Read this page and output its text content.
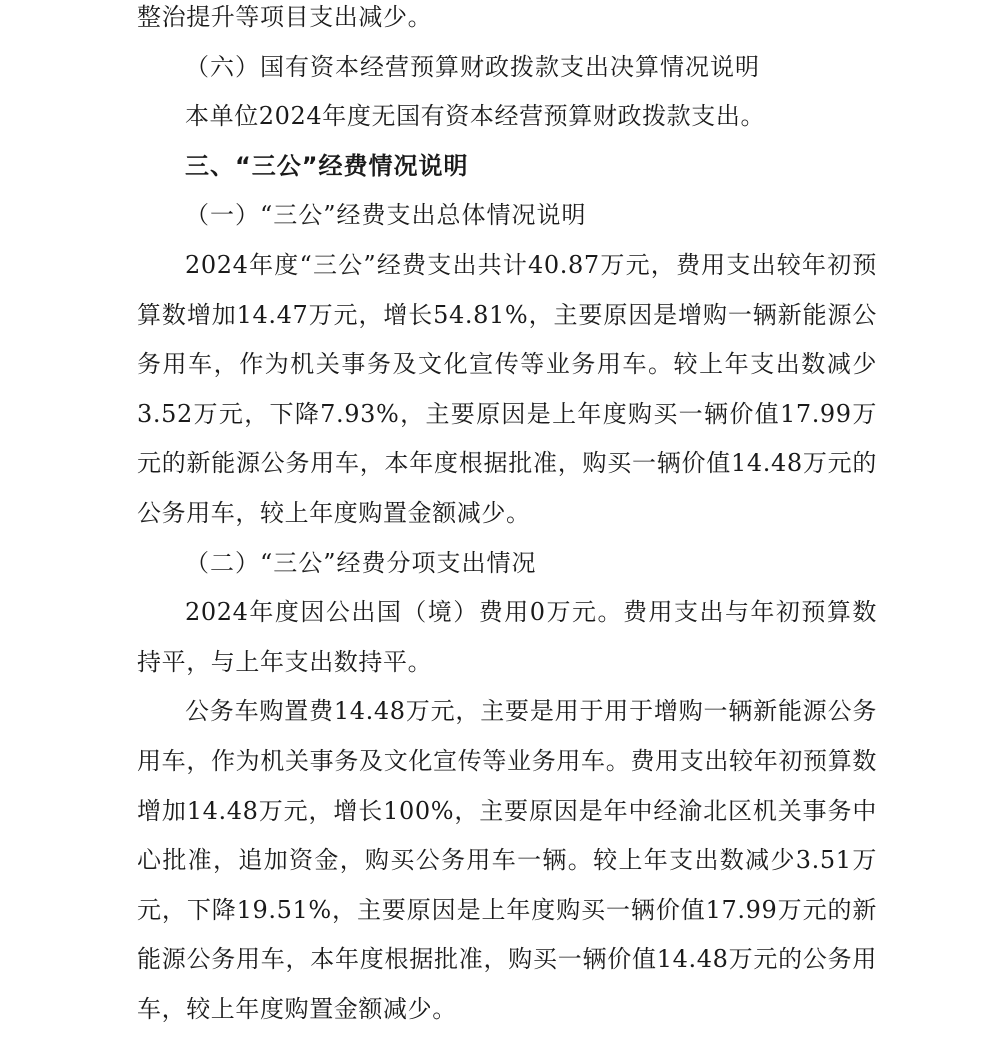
整治提升等项目支出减少。

（六）国有资本经营预算财政拨款支出决算情况说明

本单位2024年度无国有资本经营预算财政拨款支出。

三、“三公”经费情况说明

（一）“三公”经费支出总体情况说明

2024年度“三公”经费支出共计40.87万元，费用支出较年初预算数增加14.47万元，增长54.81%，主要原因是增购一辆新能源公务用车，作为机关事务及文化宣传等业务用车。较上年支出数减少3.52万元，下降7.93%，主要原因是上年度购买一辆价值17.99万元的新能源公务用车，本年度根据批准，购买一辆价值14.48万元的公务用车，较上年度购置金额减少。

（二）“三公”经费分项支出情况

2024年度因公出国（境）费用0万元。费用支出与年初预算数持平，与上年支出数持平。

公务车购置费14.48万元，主要是用于用于增购一辆新能源公务用车，作为机关事务及文化宣传等业务用车。费用支出较年初预算数增加14.48万元，增长100%，主要原因是年中经渝北区机关事务中心批准，追加资金，购买公务用车一辆。较上年支出数减少3.51万元，下降19.51%，主要原因是上年度购买一辆价值17.99万元的新能源公务用车，本年度根据批准，购买一辆价值14.48万元的公务用车，较上年度购置金额减少。
